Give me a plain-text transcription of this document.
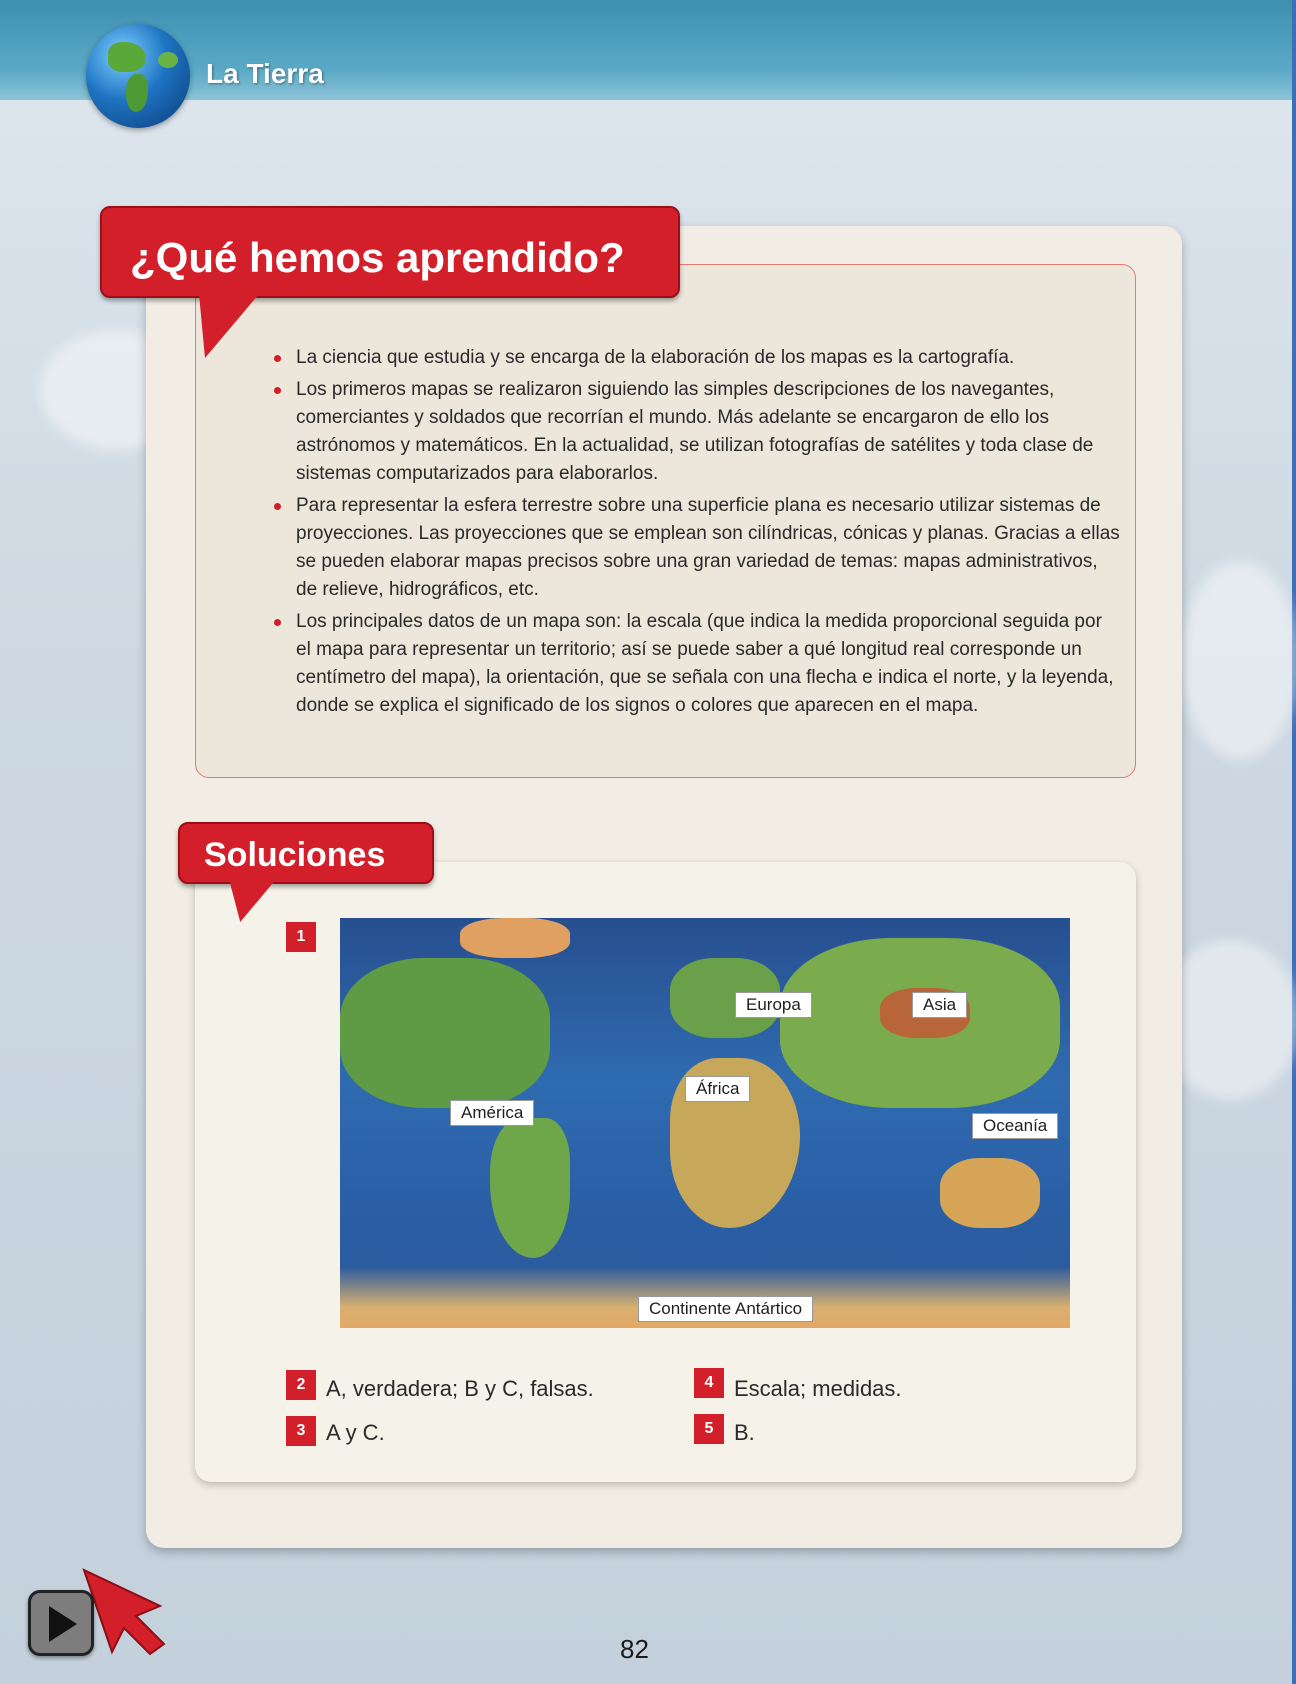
La Tierra
¿Qué hemos aprendido?
La ciencia que estudia y se encarga de la elaboración de los mapas es la cartografía.
Los primeros mapas se realizaron siguiendo las simples descripciones de los navegantes, comerciantes y soldados que recorrían el mundo. Más adelante se encargaron de ello los astrónomos y matemáticos. En la actualidad, se utilizan fotografías de satélites y toda clase de sistemas computarizados para elaborarlos.
Para representar la esfera terrestre sobre una superficie plana es necesario utilizar sistemas de proyecciones. Las proyecciones que se emplean son cilíndricas, cónicas y planas. Gracias a ellas se pueden elaborar mapas precisos sobre una gran variedad de temas: mapas administrativos, de relieve, hidrográficos, etc.
Los principales datos de un mapa son: la escala (que indica la medida proporcional seguida por el mapa para representar un territorio; así se puede saber a qué longitud real corresponde un centímetro del mapa), la orientación, que se señala con una flecha e indica el norte, y la leyenda, donde se explica el significado de los signos o colores que aparecen en el mapa.
Soluciones
1
Europa	Asia
África
América
Oceanía
Continente Antártico
2 A, verdadera; B y C, falsas.
3 A y C.
4 Escala; medidas.
5 B.
82
